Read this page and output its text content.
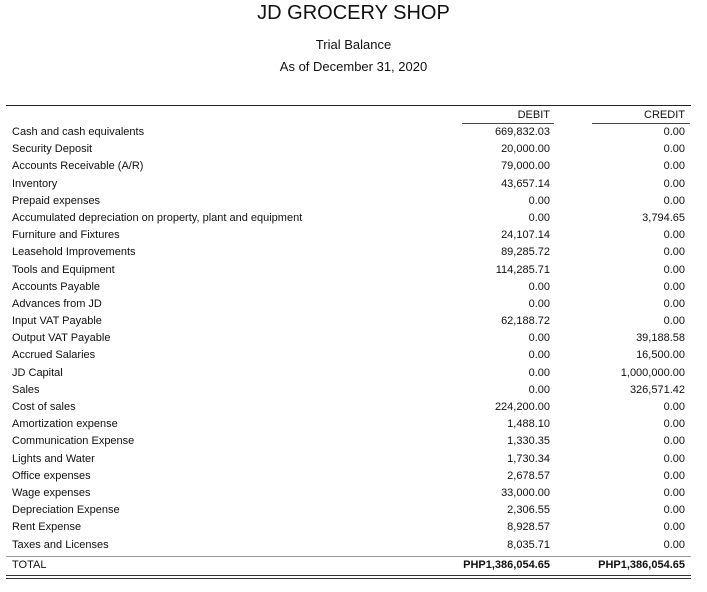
JD GROCERY SHOP
Trial Balance
As of December 31, 2020
DEBIT	CREDIT
Cash and cash equivalents	669,832.03	0.00
Security Deposit	20,000.00	0.00
Accounts Receivable (A/R)	79,000.00	0.00
Inventory	43,657.14	0.00
Prepaid expenses	0.00	0.00
Accumulated depreciation on property, plant and equipment	0.00	3,794.65
Furniture and Fixtures	24,107.14	0.00
Leasehold Improvements	89,285.72	0.00
Tools and Equipment	114,285.71	0.00
Accounts Payable	0.00	0.00
Advances from JD	0.00	0.00
Input VAT Payable	62,188.72	0.00
Output VAT Payable	0.00	39,188.58
Accrued Salaries	0.00	16,500.00
JD Capital	0.00	1,000,000.00
Sales	0.00	326,571.42
Cost of sales	224,200.00	0.00
Amortization expense	1,488.10	0.00
Communication Expense	1,330.35	0.00
Lights and Water	1,730.34	0.00
Office expenses	2,678.57	0.00
Wage expenses	33,000.00	0.00
Depreciation Expense	2,306.55	0.00
Rent Expense	8,928.57	0.00
Taxes and Licenses	8,035.71	0.00
TOTAL	PHP1,386,054.65	PHP1,386,054.65
